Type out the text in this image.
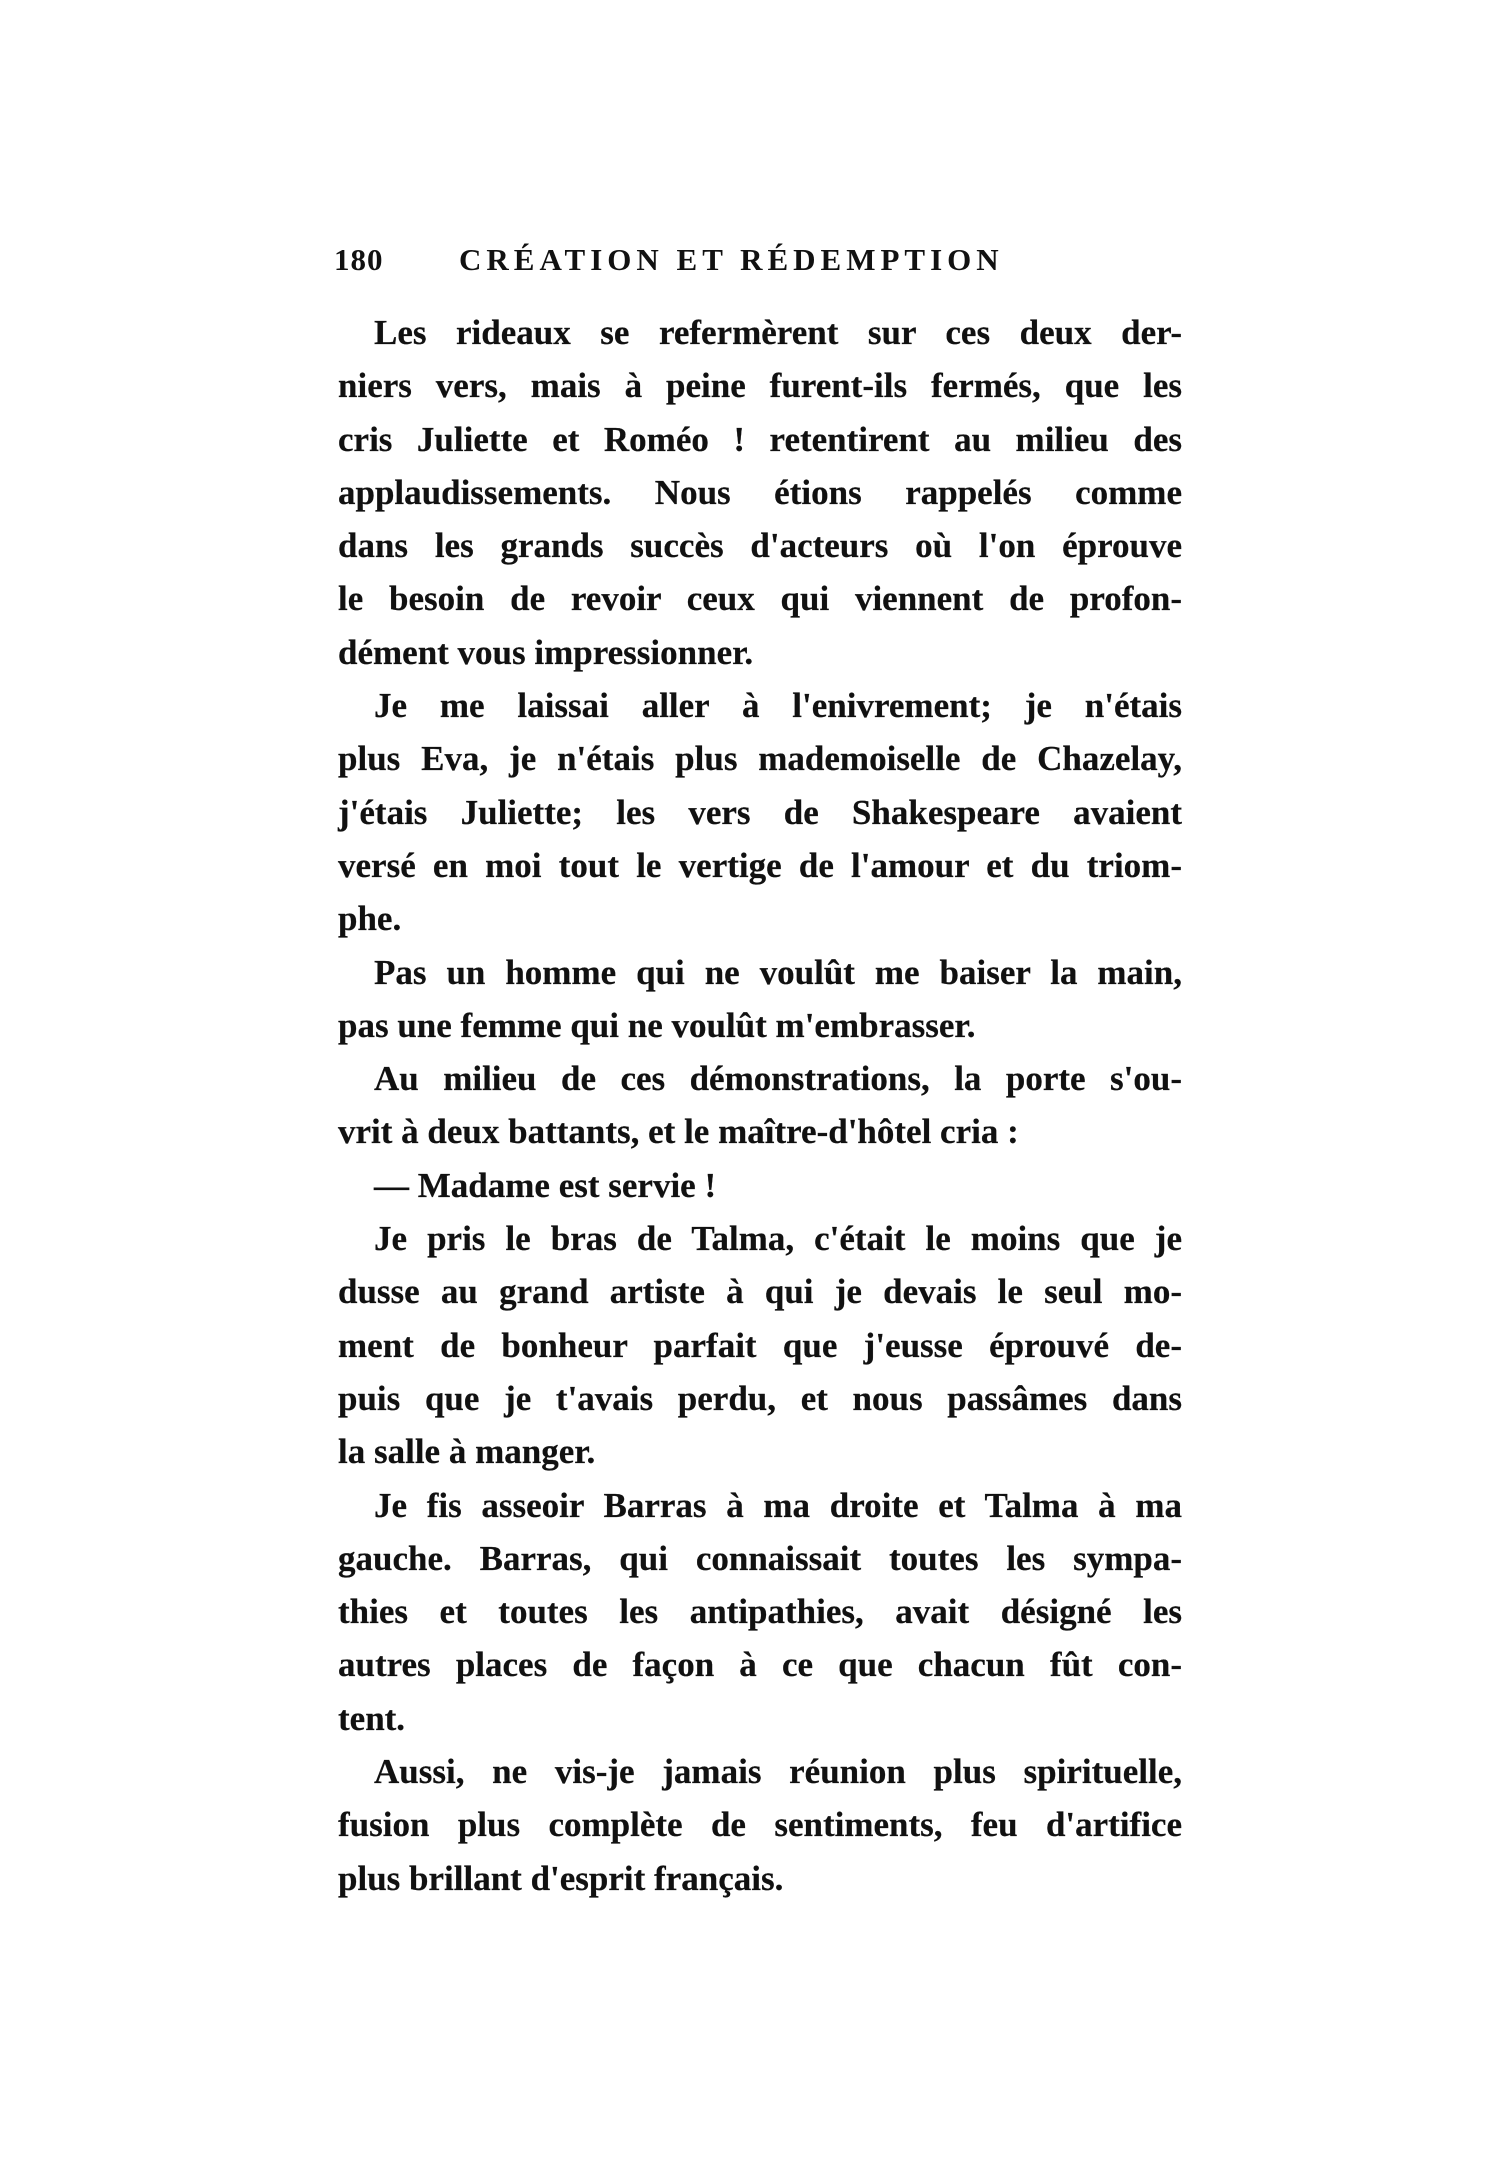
180 CRÉATION ET RÉDEMPTION
Les rideaux se refermèrent sur ces deux der-
niers vers, mais à peine furent-ils fermés, que les
cris Juliette et Roméo ! retentirent au milieu des
applaudissements. Nous étions rappelés comme
dans les grands succès d'acteurs où l'on éprouve
le besoin de revoir ceux qui viennent de profon-
dément vous impressionner.
Je me laissai aller à l'enivrement; je n'étais
plus Eva, je n'étais plus mademoiselle de Chazelay,
j'étais Juliette; les vers de Shakespeare avaient
versé en moi tout le vertige de l'amour et du triom-
phe.
Pas un homme qui ne voulût me baiser la main,
pas une femme qui ne voulût m'embrasser.
Au milieu de ces démonstrations, la porte s'ou-
vrit à deux battants, et le maître-d'hôtel cria :
— Madame est servie !
Je pris le bras de Talma, c'était le moins que je
dusse au grand artiste à qui je devais le seul mo-
ment de bonheur parfait que j'eusse éprouvé de-
puis que je t'avais perdu, et nous passâmes dans
la salle à manger.
Je fis asseoir Barras à ma droite et Talma à ma
gauche. Barras, qui connaissait toutes les sympa-
thies et toutes les antipathies, avait désigné les
autres places de façon à ce que chacun fût con-
tent.
Aussi, ne vis-je jamais réunion plus spirituelle,
fusion plus complète de sentiments, feu d'artifice
plus brillant d'esprit français.
